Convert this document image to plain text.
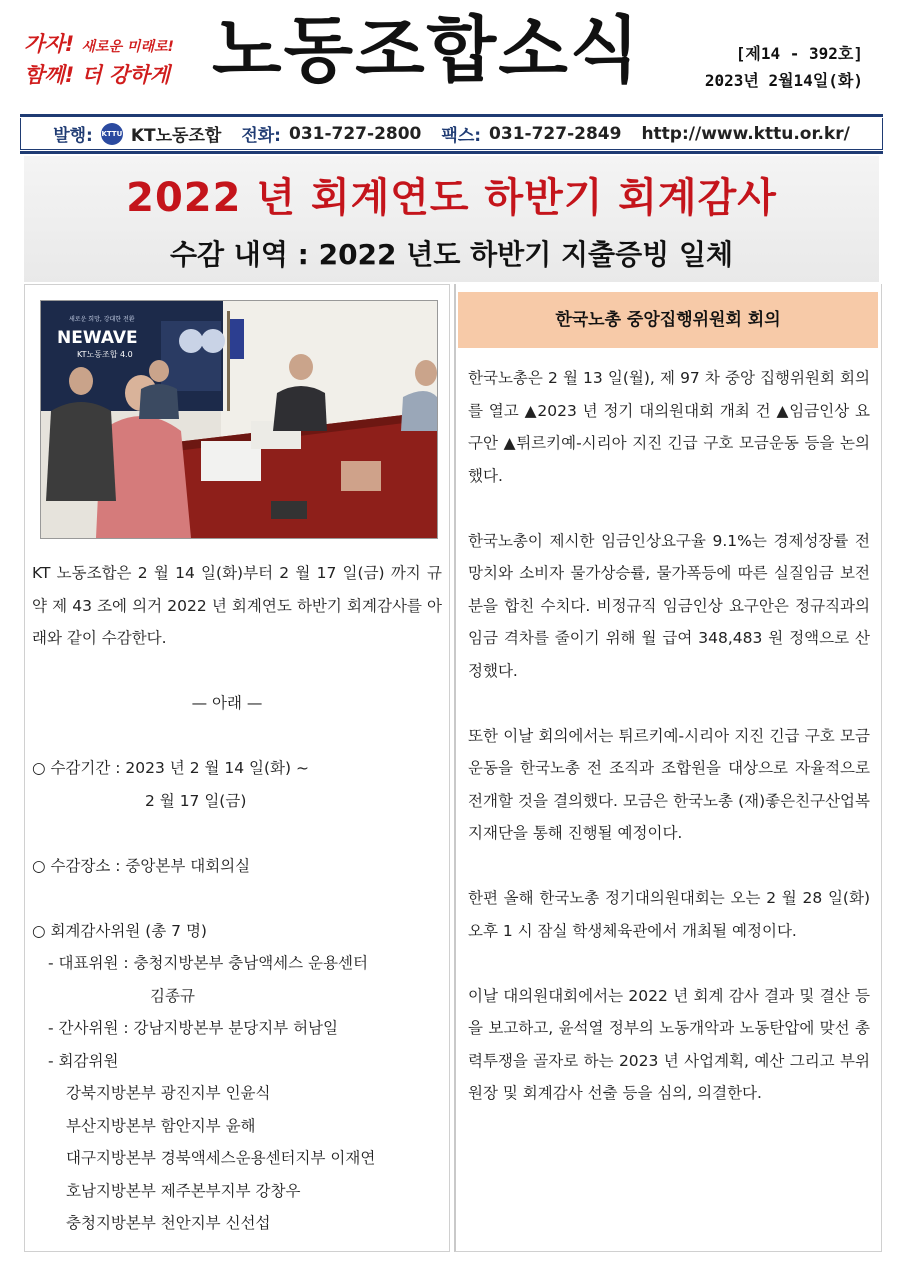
가자! 새로운 미래로!
함께! 더 강하게 노동조합소식	[제14 - 392호]
2023년 2월14일(화)
발행: KTTU KT노동조합 전화: 031-727-2800 팩스: 031-727-2849 http://www.kttu.or.kr/
2022 년 회계연도 하반기 회계감사
수감 내역 : 2022 년도 하반기 지출증빙 일체
새로운 희망, 강대한 전환
NEWAVE
KT노동조합 4.0

KT 노동조합은 2 월 14 일(화)부터 2 월 17 일(금) 까지 규약 제 43 조에 의거 2022 년 회계연도 하반기 회계감사를 아래와 같이 수감한다.

— 아래 —
○ 수감기간 : 2023 년 2 월 14 일(화) ~
2 월 17 일(금)
○ 수감장소 : 중앙본부 대회의실
○ 회계감사위원 (총 7 명)
- 대표위원 : 충청지방본부 충남액세스 운용센터
김종규
- 간사위원 : 강남지방본부 분당지부 허남일
- 회감위원
강북지방본부 광진지부 인윤식
부산지방본부 함안지부 윤해
대구지방본부 경북액세스운용센터지부 이재연
호남지방본부 제주본부지부 강창우
충청지방본부 천안지부 신선섭
한국노총 중앙집행위원회 회의

한국노총은 2 월 13 일(월), 제 97 차 중앙 집행위원회 회의를 열고 ▲2023 년 정기 대의원대회 개최 건 ▲임금인상 요구안 ▲튀르키예-시리아 지진 긴급 구호 모금운동 등을 논의했다.

한국노총이 제시한 임금인상요구율 9.1%는 경제성장률 전망치와 소비자 물가상승률, 물가폭등에 따른 실질임금 보전분을 합친 수치다. 비정규직 임금인상 요구안은 정규직과의 임금 격차를 줄이기 위해 월 급여 348,483 원 정액으로 산정했다.

또한 이날 회의에서는 튀르키예-시리아 지진 긴급 구호 모금 운동을 한국노총 전 조직과 조합원을 대상으로 자율적으로 전개할 것을 결의했다. 모금은 한국노총 (재)좋은친구산업복지재단을 통해 진행될 예정이다.

한편 올해 한국노총 정기대의원대회는 오는 2 월 28 일(화) 오후 1 시 잠실 학생체육관에서 개최될 예정이다.

이날 대의원대회에서는 2022 년 회계 감사 결과 및 결산 등을 보고하고, 윤석열 정부의 노동개악과 노동탄압에 맞선 총력투쟁을 골자로 하는 2023 년 사업계획, 예산 그리고 부위원장 및 회계감사 선출 등을 심의, 의결한다.
